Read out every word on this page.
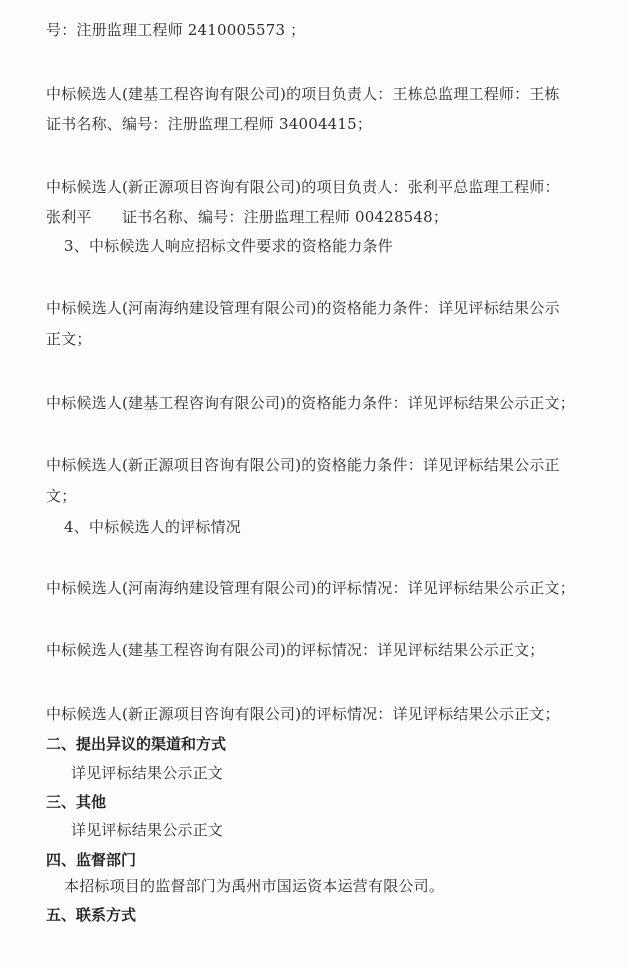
号：注册监理工程师 2410005573 ；
中标候选人(建基工程咨询有限公司)的项目负责人：王栋总监理工程师：王栋
证书名称、编号：注册监理工程师 34004415；
中标候选人(新正源项目咨询有限公司)的项目负责人：张利平总监理工程师：
张利平　　证书名称、编号：注册监理工程师 00428548；
3、中标候选人响应招标文件要求的资格能力条件
中标候选人(河南海纳建设管理有限公司)的资格能力条件：详见评标结果公示
正文；
中标候选人(建基工程咨询有限公司)的资格能力条件：详见评标结果公示正文；
中标候选人(新正源项目咨询有限公司)的资格能力条件：详见评标结果公示正
文；
4、中标候选人的评标情况
中标候选人(河南海纳建设管理有限公司)的评标情况：详见评标结果公示正文；
中标候选人(建基工程咨询有限公司)的评标情况：详见评标结果公示正文；
中标候选人(新正源项目咨询有限公司)的评标情况：详见评标结果公示正文；
二、提出异议的渠道和方式
详见评标结果公示正文
三、其他
详见评标结果公示正文
四、监督部门
本招标项目的监督部门为禹州市国运资本运营有限公司。
五、联系方式
